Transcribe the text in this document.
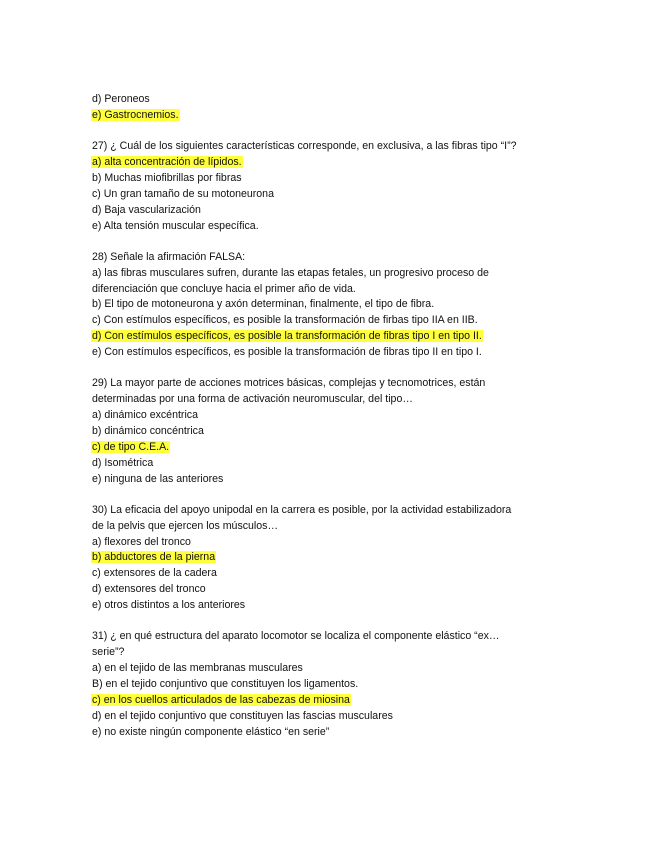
d) Peroneos
e) Gastrocnemios.
27) ¿ Cuál de los siguientes características corresponde, en exclusiva, a las fibras tipo “I”?
a) alta concentración de lípidos.
b) Muchas miofibrillas por fibras
c) Un gran tamaño de su motoneurona
d) Baja vascularización
e) Alta tensión muscular específica.
28) Señale la afirmación FALSA:
a) las fibras musculares sufren, durante las etapas fetales, un progresivo proceso de
diferenciación que concluye hacia el primer año de vida.
b) El tipo de motoneurona y axón determinan, finalmente, el tipo de fibra.
c) Con estímulos específicos, es posible la transformación de firbas tipo IIA en IIB.
d) Con estímulos específicos, es posible la transformación de fibras tipo I en tipo II.
e) Con estímulos específicos, es posible la transformación de fibras tipo II en tipo I.
29) La mayor parte de acciones motrices básicas, complejas y tecnomotrices, están
determinadas por una forma de activación neuromuscular, del tipo…
a) dinámico excéntrica
b) dinámico concéntrica
c) de tipo C.E.A.
d) Isométrica
e) ninguna de las anteriores
30) La eficacia del apoyo unipodal en la carrera es posible, por la actividad estabilizadora
de la pelvis que ejercen los músculos…
a) flexores del tronco
b) abductores de la pierna
c) extensores de la cadera
d) extensores del tronco
e) otros distintos a los anteriores
31) ¿ en qué estructura del aparato locomotor se localiza el componente elástico “ex…
serie”?
a) en el tejido de las membranas musculares
B) en el tejido conjuntivo que constituyen los ligamentos.
c) en los cuellos articulados de las cabezas de miosina
d) en el tejido conjuntivo que constituyen las fascias musculares
e) no existe ningún componente elástico “en serie”
